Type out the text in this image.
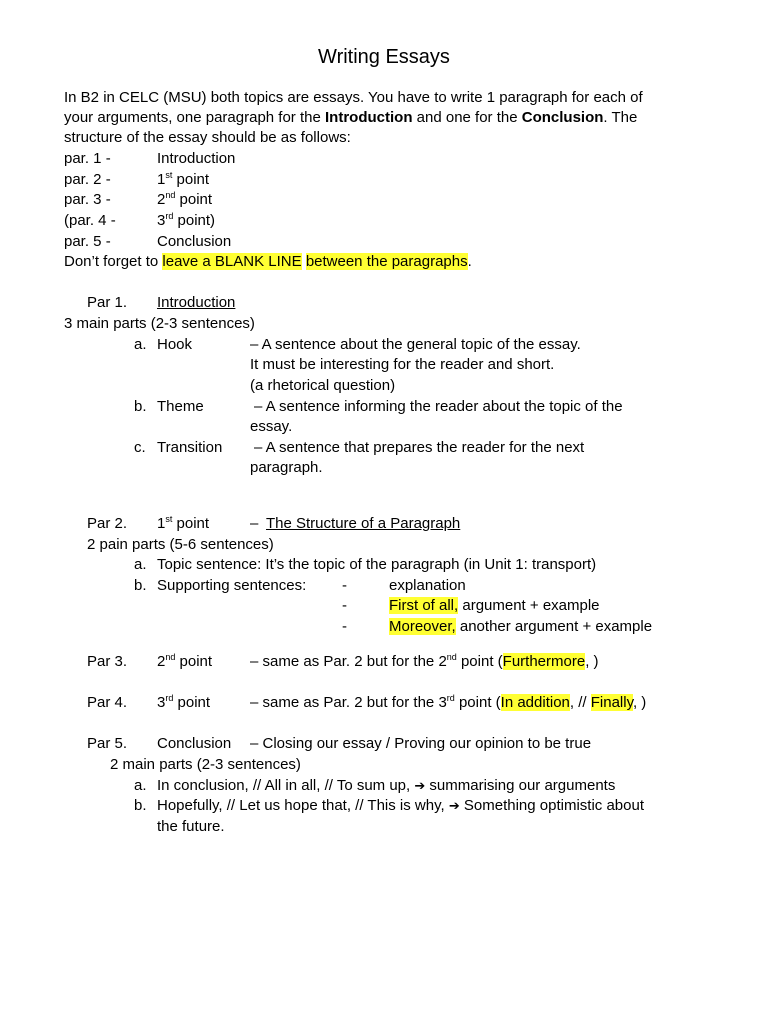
Writing Essays
In B2 in CELC (MSU) both topics are essays. You have to write 1 paragraph for each of
your arguments, one paragraph for the Introduction and one for the Conclusion. The
structure of the essay should be as follows:
par. 1 -	Introduction
par. 2 -	1st point
par. 3 -	2nd point
(par. 4 -	3rd point)
par. 5 -	Conclusion
Don’t forget to leave a BLANK LINE between the paragraphs.
Par 1. Introduction
3 main parts (2-3 sentences)
a. Hook	– A sentence about the general topic of the essay.
It must be interesting for the reader and short.
(a rhetorical question)
b. Theme	– A sentence informing the reader about the topic of the
essay.
c. Transition – A sentence that prepares the reader for the next
paragraph.
Par 2. 1st point	– The Structure of a Paragraph
2 pain parts (5-6 sentences)
a. Topic sentence: It’s the topic of the paragraph (in Unit 1: transport)
b. Supporting sentences: -	explanation
-	First of all, argument + example
-	Moreover, another argument + example
Par 3. 2nd point	– same as Par. 2 but for the 2nd point (Furthermore, )
Par 4. 3rd point	– same as Par. 2 but for the 3rd point (In addition, // Finally, )
Par 5. Conclusion – Closing our essay / Proving our opinion to be true
2 main parts (2-3 sentences)
a. In conclusion, // All in all, // To sum up, ➔ summarising our arguments
b. Hopefully, // Let us hope that, // This is why, ➔ Something optimistic about
the future.
